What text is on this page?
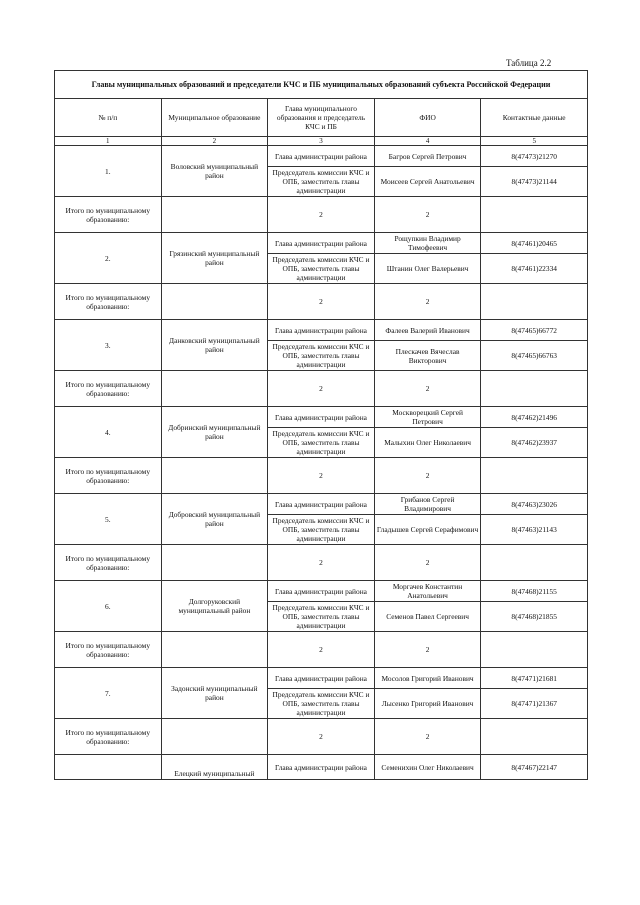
Таблица 2.2
Главы муниципальных образований и председатели КЧС и ПБ муниципальных образований субъекта Российской Федерации				
№ п/п	Муниципальное образование	Глава муниципального образования и председатель КЧС и ПБ	ФИО	Контактные данные
1	2	3	4	5
1.	Воловский муниципальный район	Глава администрации района	Багров Сергей Петрович	8(47473)21270
		Председатель комиссии КЧС и ОПБ, заместитель главы администрации	Моисеев Сергей Анатольевич	8(47473)21144
Итого по муниципальному образованию:		2	2	
2.	Грязинский муниципальный район	Глава администрации района	Рощупкин Владимир Тимофеевич	8(47461)20465
		Председатель комиссии КЧС и ОПБ, заместитель главы администрации	Штанин Олег Валерьевич	8(47461)22334
Итого по муниципальному образованию:		2	2	
3.	Данковский муниципальный район	Глава администрации района	Фалеев Валерий Иванович	8(47465)66772
		Председатель комиссии КЧС и ОПБ, заместитель главы администрации	Плескачев Вячеслав Викторович	8(47465)66763
Итого по муниципальному образованию:		2	2	
4.	Добринский муниципальный район	Глава администрации района	Москворецкий Сергей Петрович	8(47462)21496
		Председатель комиссии КЧС и ОПБ, заместитель главы администрации	Малыхин Олег Николаевич	8(47462)23937
Итого по муниципальному образованию:		2	2	
5.	Добровский муниципальный район	Глава администрации района	Грибанов Сергей Владимирович	8(47463)23026
		Председатель комиссии КЧС и ОПБ, заместитель главы администрации	Гладышев Сергей Серафимович	8(47463)21143
Итого по муниципальному образованию:		2	2	
6.	Долгоруковский муниципальный район	Глава администрации района	Моргачев Константин Анатольевич	8(47468)21155
		Председатель комиссии КЧС и ОПБ, заместитель главы администрации	Семенов Павел Сергеевич	8(47468)21855
Итого по муниципальному образованию:		2	2	
7.	Задонский муниципальный район	Глава администрации района	Мосолов Григорий Иванович	8(47471)21681
		Председатель комиссии КЧС и ОПБ, заместитель главы администрации	Лысенко Григорий Иванович	8(47471)21367
Итого по муниципальному образованию:		2	2	

	Елецкий муниципальный	Глава администрации района	Семенихин Олег Николаевич	8(47467)22147
